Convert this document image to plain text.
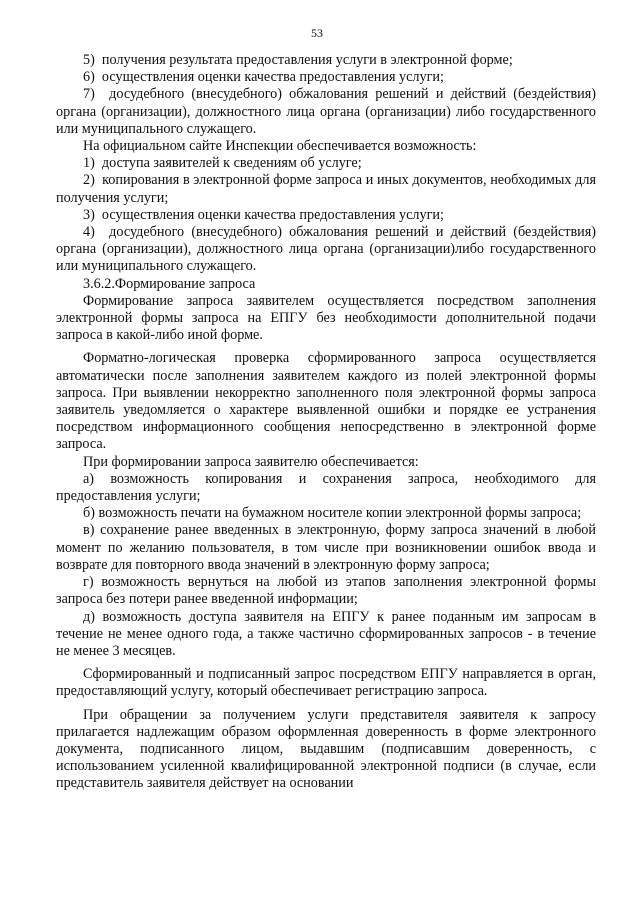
53

5)  получения результата предоставления услуги в электронной форме;

6)  осуществления оценки качества предоставления услуги;

7)  досудебного (внесудебного) обжалования решений и действий (бездействия) органа (организации), должностного лица органа (организации) либо государственного или муниципального служащего.

На официальном сайте Инспекции обеспечивается возможность:

1)  доступа заявителей к сведениям об услуге;

2)  копирования в электронной форме запроса и иных документов, необходимых для получения услуги;

3)  осуществления оценки качества предоставления услуги;

4)  досудебного (внесудебного) обжалования решений и действий (бездействия) органа (организации), должностного лица органа (организации)либо государственного или муниципального служащего.

3.6.2.Формирование запроса

Формирование запроса заявителем осуществляется посредством заполнения электронной формы запроса на ЕПГУ без необходимости дополнительной подачи запроса в какой-либо иной форме.

Форматно-логическая проверка сформированного запроса осуществляется автоматически после заполнения заявителем каждого из полей электронной формы запроса. При выявлении некорректно заполненного поля электронной формы запроса заявитель уведомляется о характере выявленной ошибки и порядке ее устранения посредством информационного сообщения непосредственно в электронной форме запроса.

При формировании запроса заявителю обеспечивается:

а) возможность копирования и сохранения запроса, необходимого для предоставления услуги;

б) возможность печати на бумажном носителе копии электронной формы запроса;

в) сохранение ранее введенных в электронную, форму запроса значений в любой момент по желанию пользователя, в том числе при возникновении ошибок ввода и возврате для повторного ввода значений в электронную форму запроса;

г) возможность вернуться на любой из этапов заполнения электронной формы запроса без потери ранее введенной информации;

д) возможность доступа заявителя на ЕПГУ к ранее поданным им запросам в течение не менее одного года, а также частично сформированных запросов - в течение не менее 3 месяцев.

Сформированный и подписанный запрос посредством ЕПГУ направляется в орган, предоставляющий услугу, который обеспечивает регистрацию запроса.

При обращении за получением услуги представителя заявителя к запросу прилагается надлежащим образом оформленная доверенность в форме электронного документа, подписанного лицом, выдавшим (подписавшим доверенность, с использованием усиленной квалифицированной электронной подписи (в случае, если представитель заявителя действует на основании
